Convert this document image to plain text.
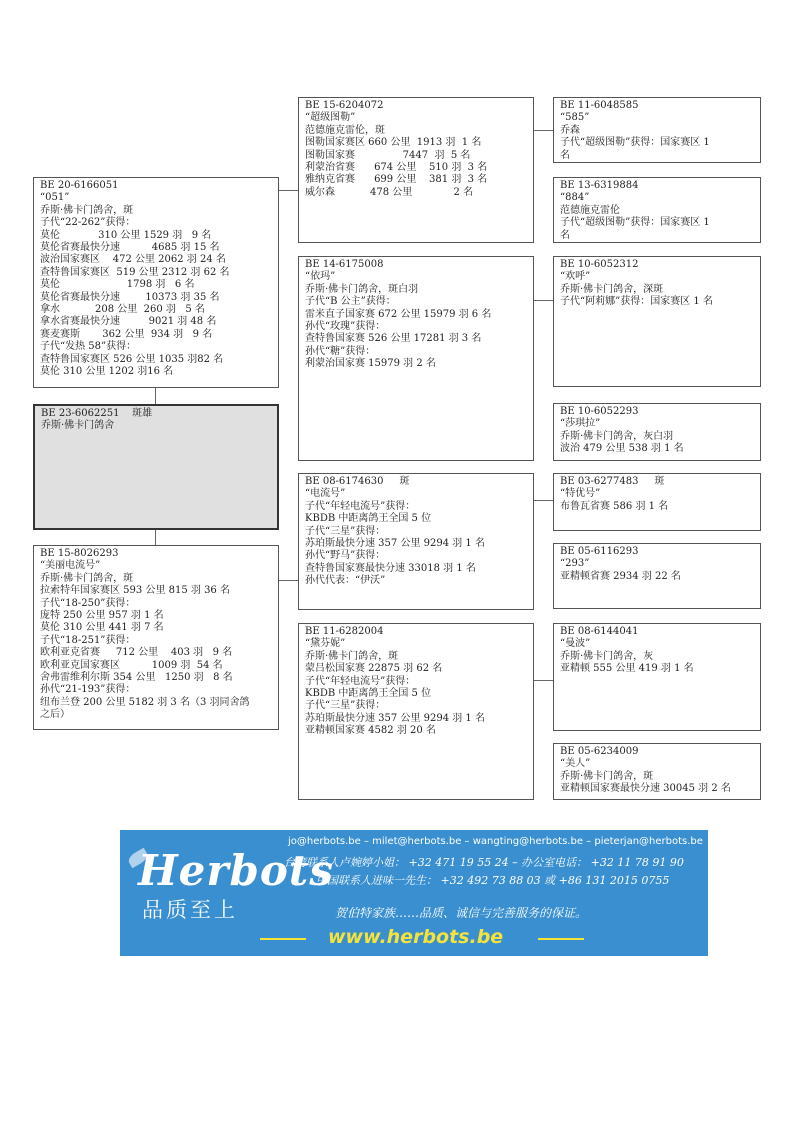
BE 20-6166051
“051”
乔斯·佛卡门鸽舍，斑
子代“22-262”获得：
莫伦            310 公里 1529 羽   9 名
莫伦省赛最快分速          4685 羽 15 名
波治国家赛区    472 公里 2062 羽 24 名
查特鲁国家赛区  519 公里 2312 羽 62 名
莫伦                     1798 羽   6 名
莫伦省赛最快分速        10373 羽 35 名
拿水           208 公里  260 羽   5 名
拿水省赛最快分速         9021 羽 48 名
赛麦赛斯       362 公里  934 羽   9 名
子代“发热 58”获得：
查特鲁国家赛区 526 公里 1035 羽82 名
莫伦 310 公里 1202 羽16 名
BE 23-6062251    斑雄
乔斯·佛卡门鸽舍
BE 15-8026293
“美丽电流号”
乔斯·佛卡门鸽舍，斑
拉索特年国家赛区 593 公里 815 羽 36 名
子代“18-250”获得：
庞特 250 公里 957 羽 1 名
莫伦 310 公里 441 羽 7 名
子代“18-251”获得：
欧利亚克省赛     712 公里    403 羽   9 名
欧利亚克国家赛区          1009 羽  54 名
舍弗雷维利尔斯 354 公里   1250 羽   8 名
孙代“21-193”获得：
纽布兰登 200 公里 5182 羽 3 名（3 羽同舍鸽
之后）
BE 15-6204072
“超级图勒”
范德施克雷伦，斑
图勒国家赛区 660 公里  1913 羽  1 名
图勒国家赛               7447  羽  5 名
利蒙治省赛      674 公里    510 羽  3 名
雅纳克省赛      699 公里    381 羽  3 名
威尔森           478 公里             2 名
BE 14-6175008
“依玛”
乔斯·佛卡门鸽舍，斑白羽
子代“B 公主”获得：
雷米直子国家赛 672 公里 15979 羽 6 名
孙代“玫瑰”获得：
查特鲁国家赛 526 公里 17281 羽 3 名
孙代“糖”获得：
利蒙治国家赛 15979 羽 2 名
BE 08-6174630     斑
“电流号”
子代“年轻电流号”获得：
KBDB 中距离鸽王全国 5 位
子代“三星”获得：
苏珀斯最快分速 357 公里 9294 羽 1 名
孙代“野马”获得：
查特鲁国家赛最快分速 33018 羽 1 名
孙代代表：“伊沃”
BE 11-6282004
“黛芬妮”
乔斯·佛卡门鸽舍，斑
蒙吕松国家赛 22875 羽 62 名
子代“年轻电流号”获得：
KBDB 中距离鸽王全国 5 位
子代“三星”获得：
苏珀斯最快分速 357 公里 9294 羽 1 名
亚精顿国家赛 4582 羽 20 名
BE 11-6048585
“585”
乔森
子代“超级图勒”获得：国家赛区 1
名
BE 13-6319884
“884”
范德施克雷伦
子代“超级图勒”获得：国家赛区 1
名
BE 10-6052312
“欢呼”
乔斯·佛卡门鸽舍，深斑
子代“阿莉娜”获得：国家赛区 1 名
BE 10-6052293
“莎琪拉”
乔斯·佛卡门鸽舍，灰白羽
波治 479 公里 538 羽 1 名
BE 03-6277483     斑
“特优号”
布鲁瓦省赛 586 羽 1 名
BE 05-6116293
“293”
亚精顿省赛 2934 羽 22 名
BE 08-6144041
“曼波”
乔斯·佛卡门鸽舍，灰
亚精顿 555 公里 419 羽 1 名
BE 05-6234009
“美人”
乔斯·佛卡门鸽舍，斑
亚精顿国家赛最快分速 30045 羽 2 名
Herbots
品质至上
jo@herbots.be – milet@herbots.be – wangting@herbots.be – pieterjan@herbots.be
台湾联系人卢婉婷小姐： +32 471 19 55 24 – 办公室电话： +32 11 78 91 90
中国联系人进味一先生： +32 492 73 88 03 或 +86 131 2015 0755
贺伯特家族……品质、诚信与完善服务的保证。
www.herbots.be
